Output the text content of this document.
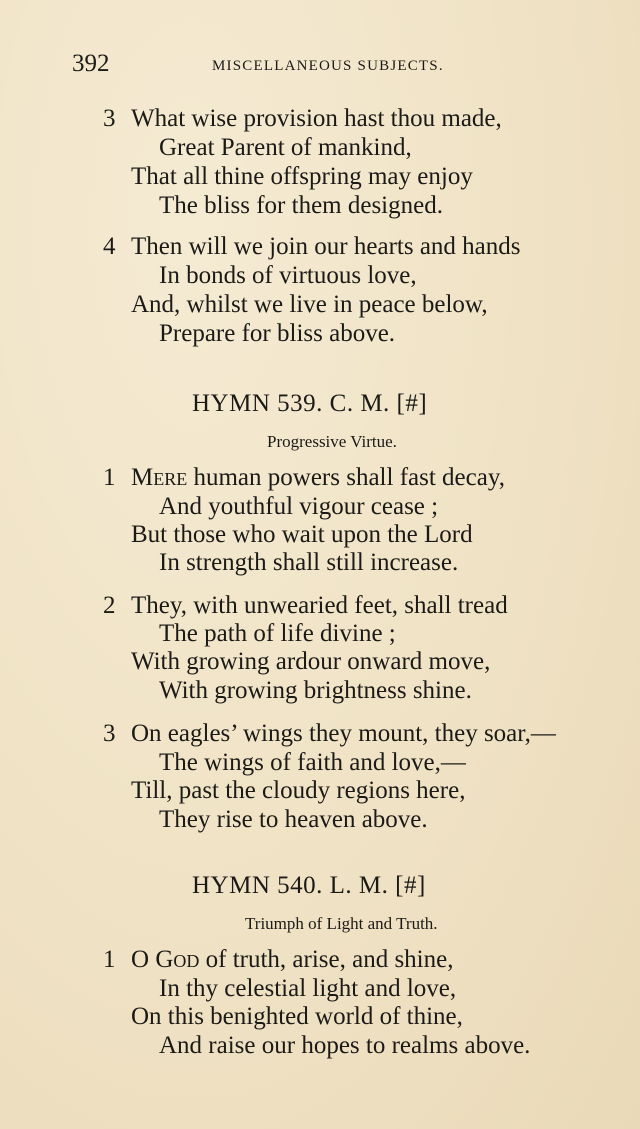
392	MISCELLANEOUS SUBJECTS.
3 What wise provision hast thou made,
Great Parent of mankind,
That all thine offspring may enjoy
The bliss for them designed.
4 Then will we join our hearts and hands
In bonds of virtuous love,
And, whilst we live in peace below,
Prepare for bliss above.
HYMN 539. C. M. [#]
Progressive Virtue.
1 Mere human powers shall fast decay,
And youthful vigour cease ;
But those who wait upon the Lord
In strength shall still increase.
2 They, with unwearied feet, shall tread
The path of life divine ;
With growing ardour onward move,
With growing brightness shine.
3 On eagles’ wings they mount, they soar,—
The wings of faith and love,—
Till, past the cloudy regions here,
They rise to heaven above.
HYMN 540. L. M. [#]
Triumph of Light and Truth.
1 O God of truth, arise, and shine,
In thy celestial light and love,
On this benighted world of thine,
And raise our hopes to realms above.
